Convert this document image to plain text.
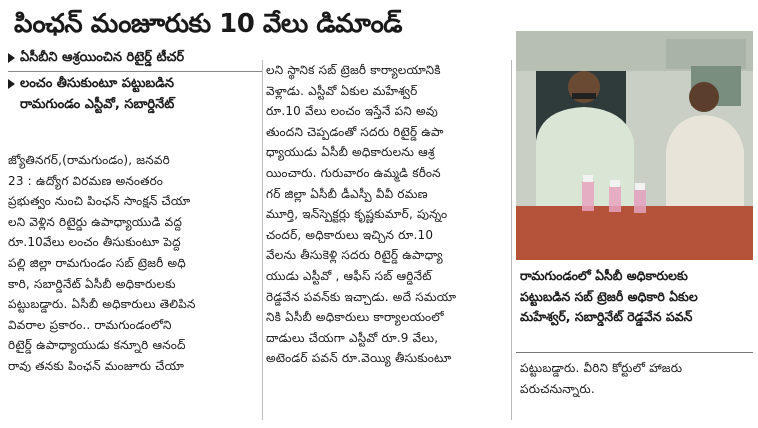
పింఛన్ మంజూరుకు 10 వేలు డిమాండ్
ఏసీబీని ఆశ్రయించిన రిటైర్డ్ టీచర్
లంచం తీసుకుంటూ పట్టుబడిన
రామగుండం ఎస్టీవో, సబార్డినేట్
జ్యోతినగర్,(రామగుండం), జనవరి
23 : ఉద్యోగ విరమణ అనంతరం
ప్రభుత్వం నుంచి పింఛన్ సాంక్షన్ చేయా
లని వెళ్లిన రిటైర్డు ఉపాధ్యాయుడి వద్ద
రూ.10వేలు లంచం తీసుకుంటూ పెద్ద
పల్లి జిల్లా రామగుండం సబ్ ట్రెజరీ అధి
కారి, సబార్డినేట్ ఏసీబీ అధికారులకు
పట్టుబడ్డారు. ఏసీబీ అధికారులు తెలిపిన
వివరాల ప్రకారం.. రామగుండంలోని
రిటైర్డ్ ఉపాధ్యాయుడు కన్నూరి ఆనంద్
రావు తనకు పింఛన్ మంజూరు చేయా
లని స్థానిక సబ్ ట్రెజరీ కార్యాలయానికి
వెళ్లాడు. ఎస్టీవో ఏకుల మహేశ్వర్
రూ.10 వేలు లంచం ఇస్తేనే పని అవు
తుందని చెప్పడంతో సదరు రిటైర్డ్ ఉపా
ధ్యాయుడు ఏసీబీ అధికారులను ఆశ్ర
యించారు. గురువారం ఉమ్మడి కరీంన
గర్ జిల్లా ఏసీబీ డీఎస్పీ వీవీ రమణ
మూర్తి, ఇన్‌స్పెక్టర్లు కృష్ణకుమార్, పున్నం
చందర్, అధికారులు ఇచ్చిన రూ.10
వేలను తీసుకెళ్లి సదరు రిటైర్డ్ ఉపాధ్యా
యుడు ఎస్టీవో , ఆఫీస్ సబ్ ఆర్డినేట్
రెడ్డవేన పవన్‌కు ఇచ్చాడు. అదే సమయా
నికి ఏసీబీ అధికారులు కార్యాలయంలో
దాడులు చేయగా ఎస్టీవో రూ.9 వేలు,
అటెండర్ పవన్ రూ.వెయ్యి తీసుకుంటూ
రామగుండంలో ఏసీబీ అధికారులకు
పట్టుబడిన సబ్ ట్రెజరీ అధికారి ఏకుల
మహేశ్వర్, సబార్డినేట్ రెడ్డవేన పవన్
పట్టుబడ్డారు. వీరిని కోర్టులో హాజరు
పరుచనున్నారు.
